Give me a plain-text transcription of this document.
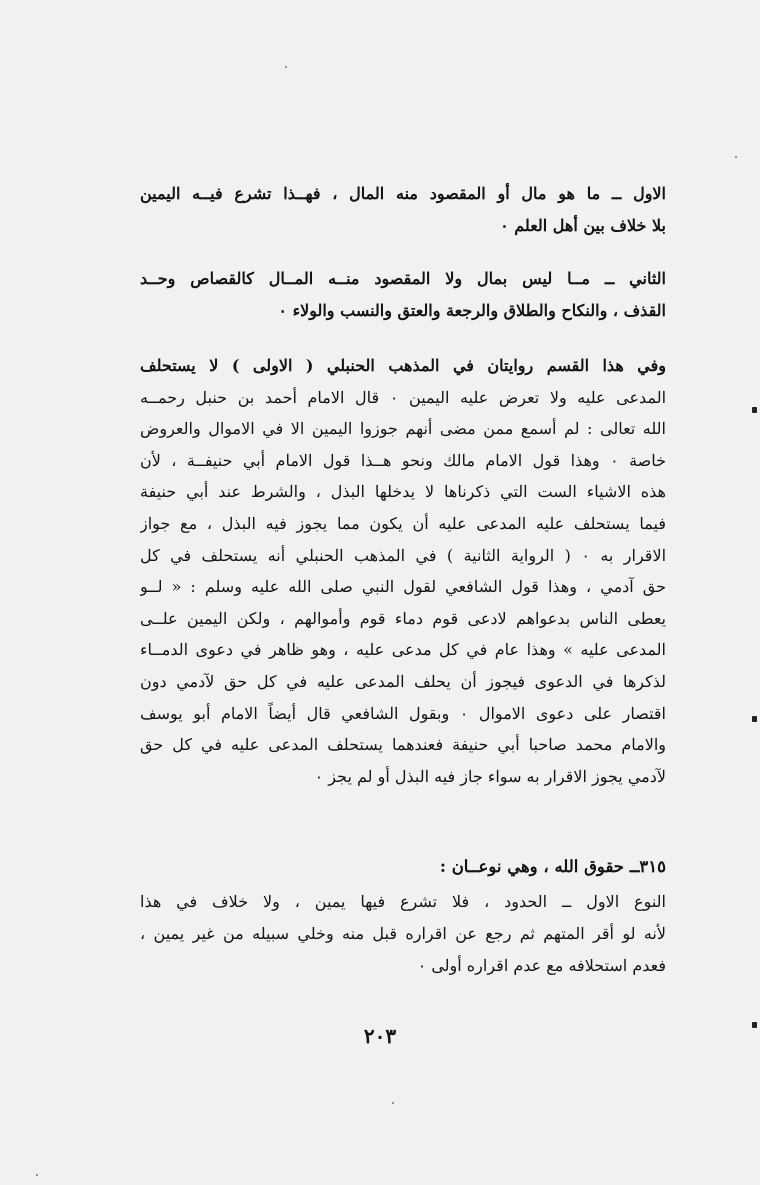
الاول ــ ما هو مال أو المقصود منه المال ، فهــذا تشرع فيــه اليمين
بلا خلاف بين أهل العلم ٠
الثاني ــ مــا ليس بمال ولا المقصود منــه المــال كالقصاص وحــد
القذف ، والنكاح والطلاق والرجعة والعتق والنسب والولاء ٠
وفي هذا القسم روايتان في المذهب الحنبلي ( الاولى ) لا يستحلف
المدعى عليه ولا تعرض عليه اليمين ٠ قال الامام أحمد بن حنبل رحمــه
الله تعالى : لم أسمع ممن مضى أنهم جوزوا اليمين الا في الاموال والعروض
خاصة ٠ وهذا قول الامام مالك ونحو هــذا قول الامام أبي حنيفــة ، لأن
هذه الاشياء الست التي ذكرناها لا يدخلها البذل ، والشرط عند أبي حنيفة
فيما يستحلف عليه المدعى عليه أن يكون مما يجوز فيه البذل ، مع جواز
الاقرار به ٠ ( الرواية الثانية ) في المذهب الحنبلي أنه يستحلف في كل
حق آدمي ، وهذا قول الشافعي لقول النبي صلى الله عليه وسلم : « لــو
يعطى الناس بدعواهم لادعى قوم دماء قوم وأموالهم ، ولكن اليمين علــى
المدعى عليه » وهذا عام في كل مدعى عليه ، وهو ظاهر في دعوى الدمــاء
لذكرها في الدعوى فيجوز أن يحلف المدعى عليه في كل حق لآدمي دون
اقتصار على دعوى الاموال ٠ وبقول الشافعي قال أيضاً الامام أبو يوسف
والامام محمد صاحبا أبي حنيفة فعندهما يستحلف المدعى عليه في كل حق
لآدمي يجوز الاقرار به سواء جاز فيه البذل أو لم يجز ٠
٣١٥ــ حقوق الله ، وهي نوعــان :
النوع الاول ــ الحدود ، فلا تشرع فيها يمين ، ولا خلاف في هذا
لأنه لو أقر المتهم ثم رجع عن اقراره قبل منه وخلي سبيله من غير يمين ،
فعدم استحلافه مع عدم اقراره أولى ٠
٢٠٣
